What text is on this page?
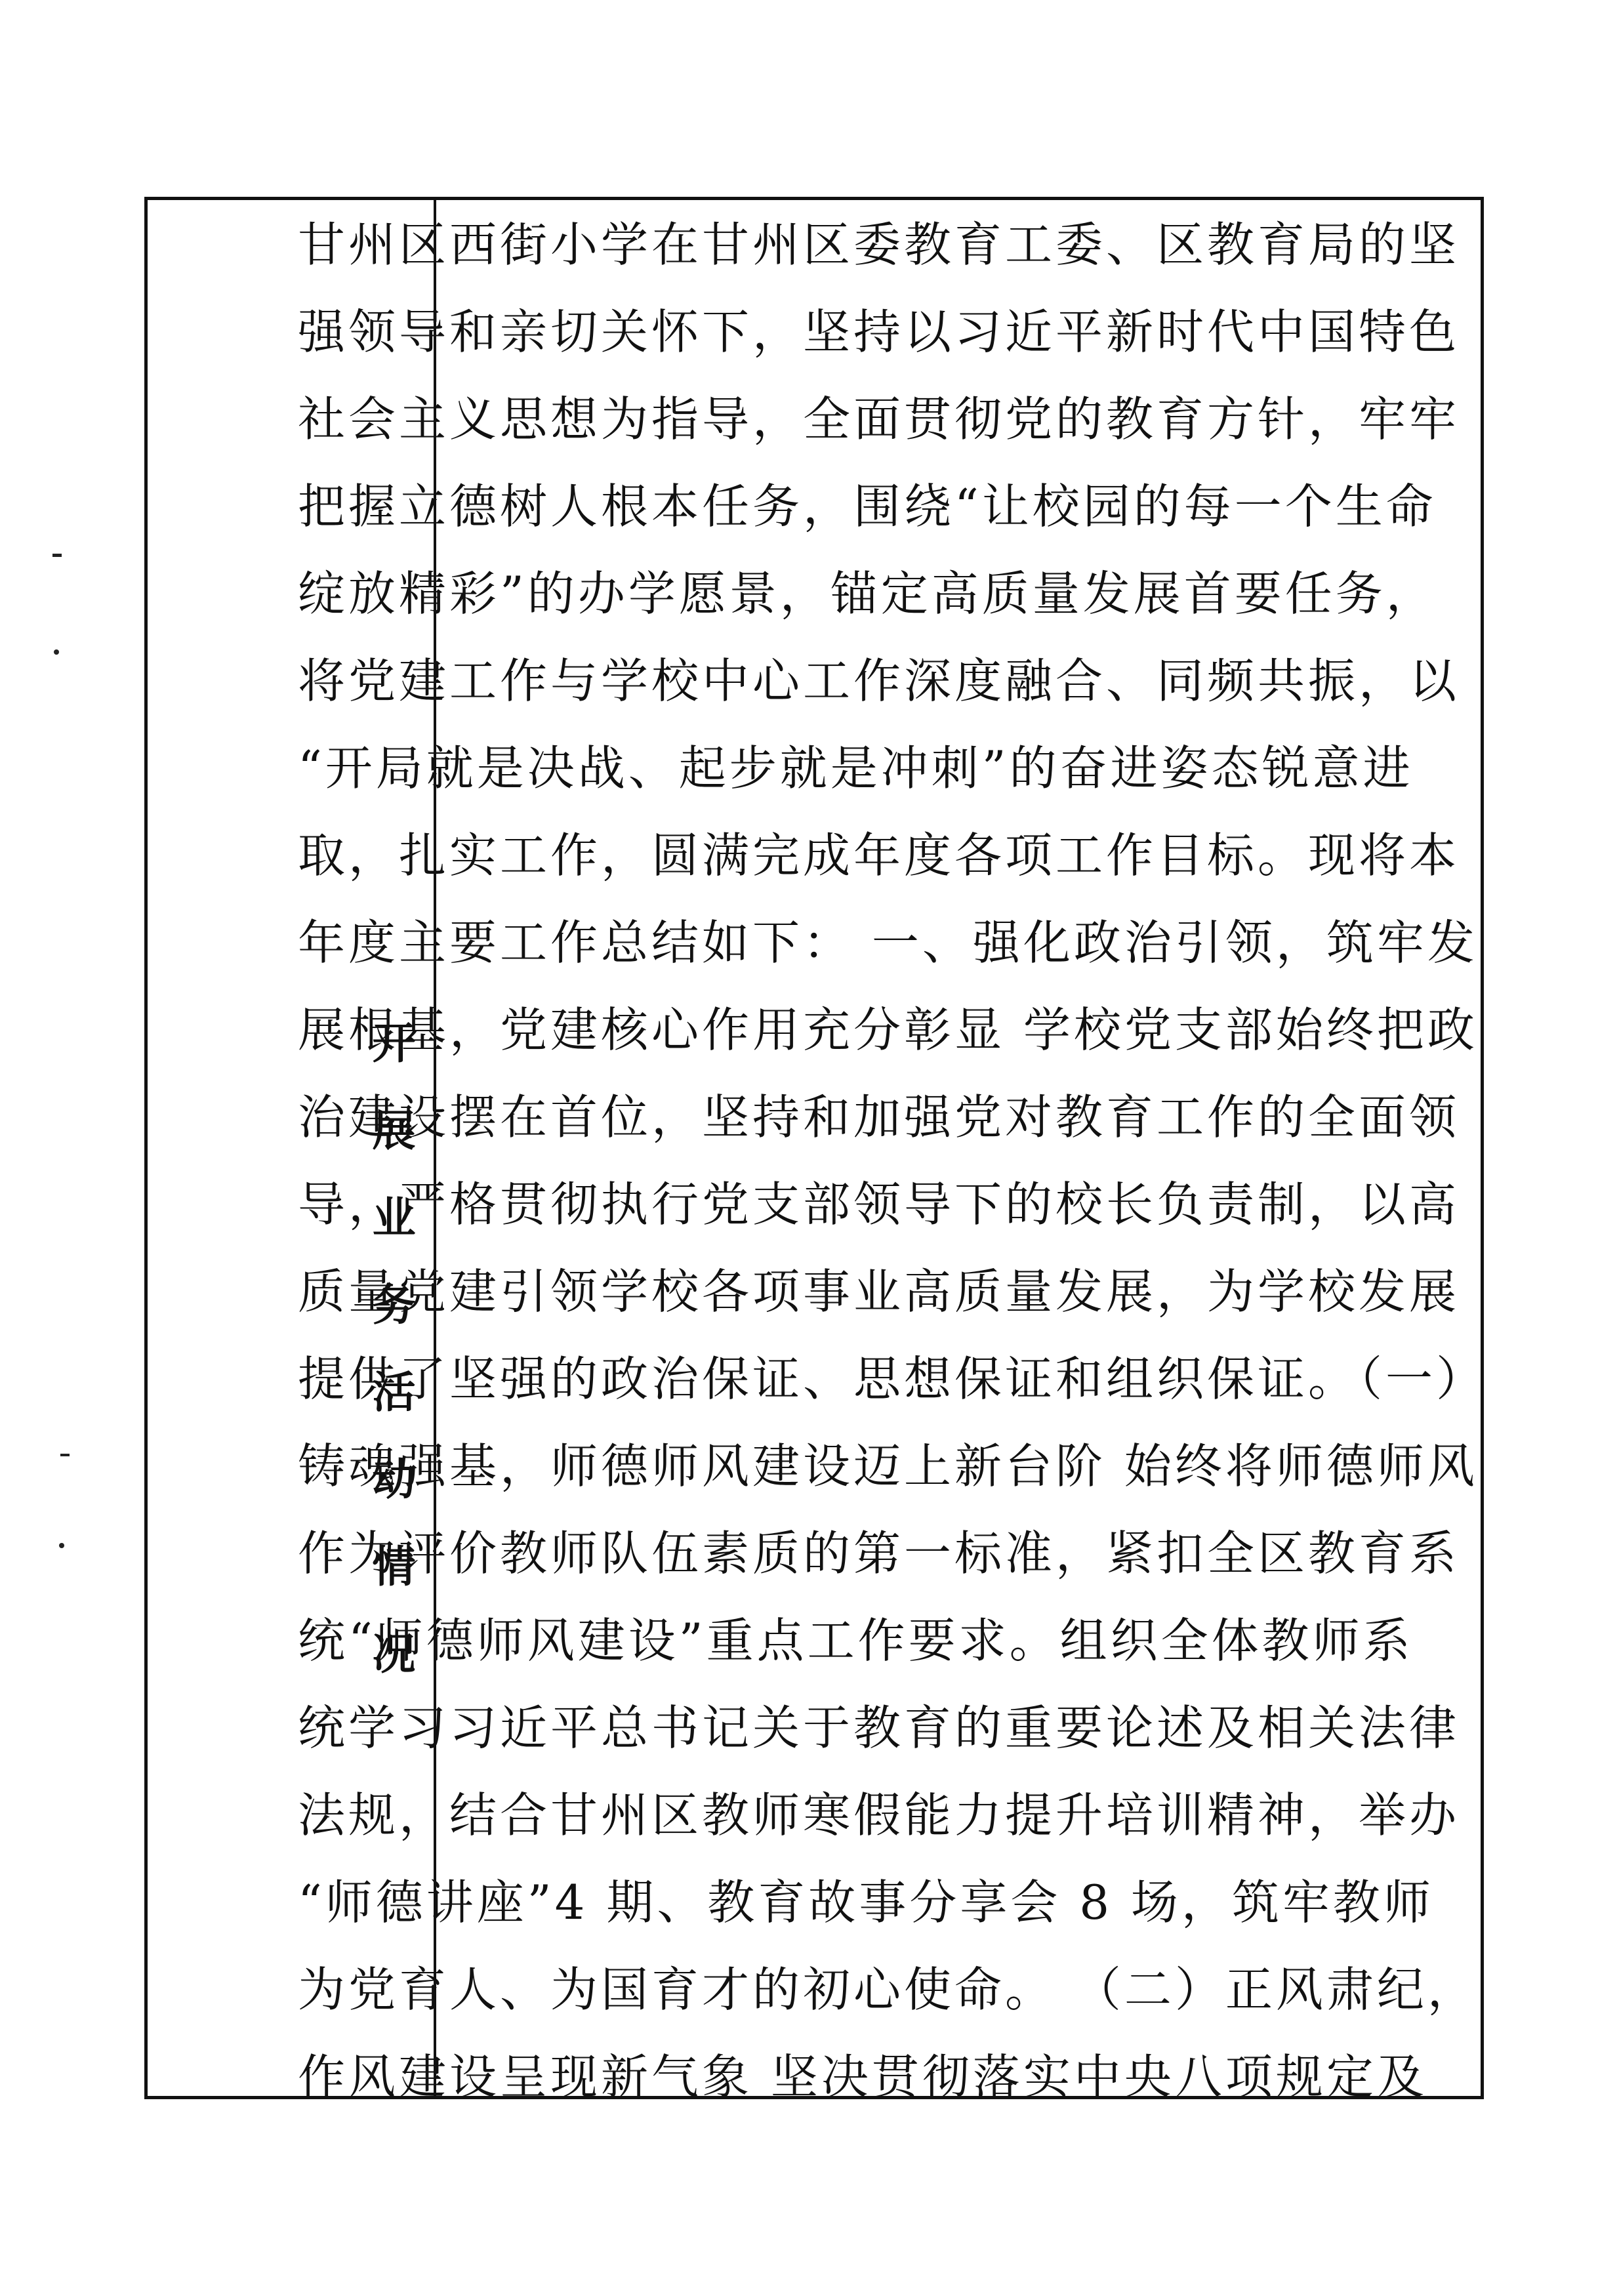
开展业务活动情况
甘州区西街小学在甘州区委教育工委、区教育局的坚
强领导和亲切关怀下，坚持以习近平新时代中国特色
社会主义思想为指导，全面贯彻党的教育方针，牢牢
把握立德树人根本任务，围绕“让校园的每一个生命
绽放精彩”的办学愿景，锚定高质量发展首要任务，
将党建工作与学校中心工作深度融合、同频共振，以
“开局就是决战、起步就是冲刺”的奋进姿态锐意进
取，扎实工作，圆满完成年度各项工作目标。现将本
年度主要工作总结如下： 一、强化政治引领，筑牢发
展根基，党建核心作用充分彰显 学校党支部始终把政
治建设摆在首位，坚持和加强党对教育工作的全面领
导，严格贯彻执行党支部领导下的校长负责制，以高
质量党建引领学校各项事业高质量发展，为学校发展
提供了坚强的政治保证、思想保证和组织保证。（一）
铸魂强基，师德师风建设迈上新台阶 始终将师德师风
作为评价教师队伍素质的第一标准，紧扣全区教育系
统“师德师风建设”重点工作要求。组织全体教师系
统学习习近平总书记关于教育的重要论述及相关法律
法规，结合甘州区教师寒假能力提升培训精神，举办
“师德讲座”4 期、教育故事分享会 8 场，筑牢教师
为党育人、为国育才的初心使命。 （二）正风肃纪，
作风建设呈现新气象 坚决贯彻落实中央八项规定及
